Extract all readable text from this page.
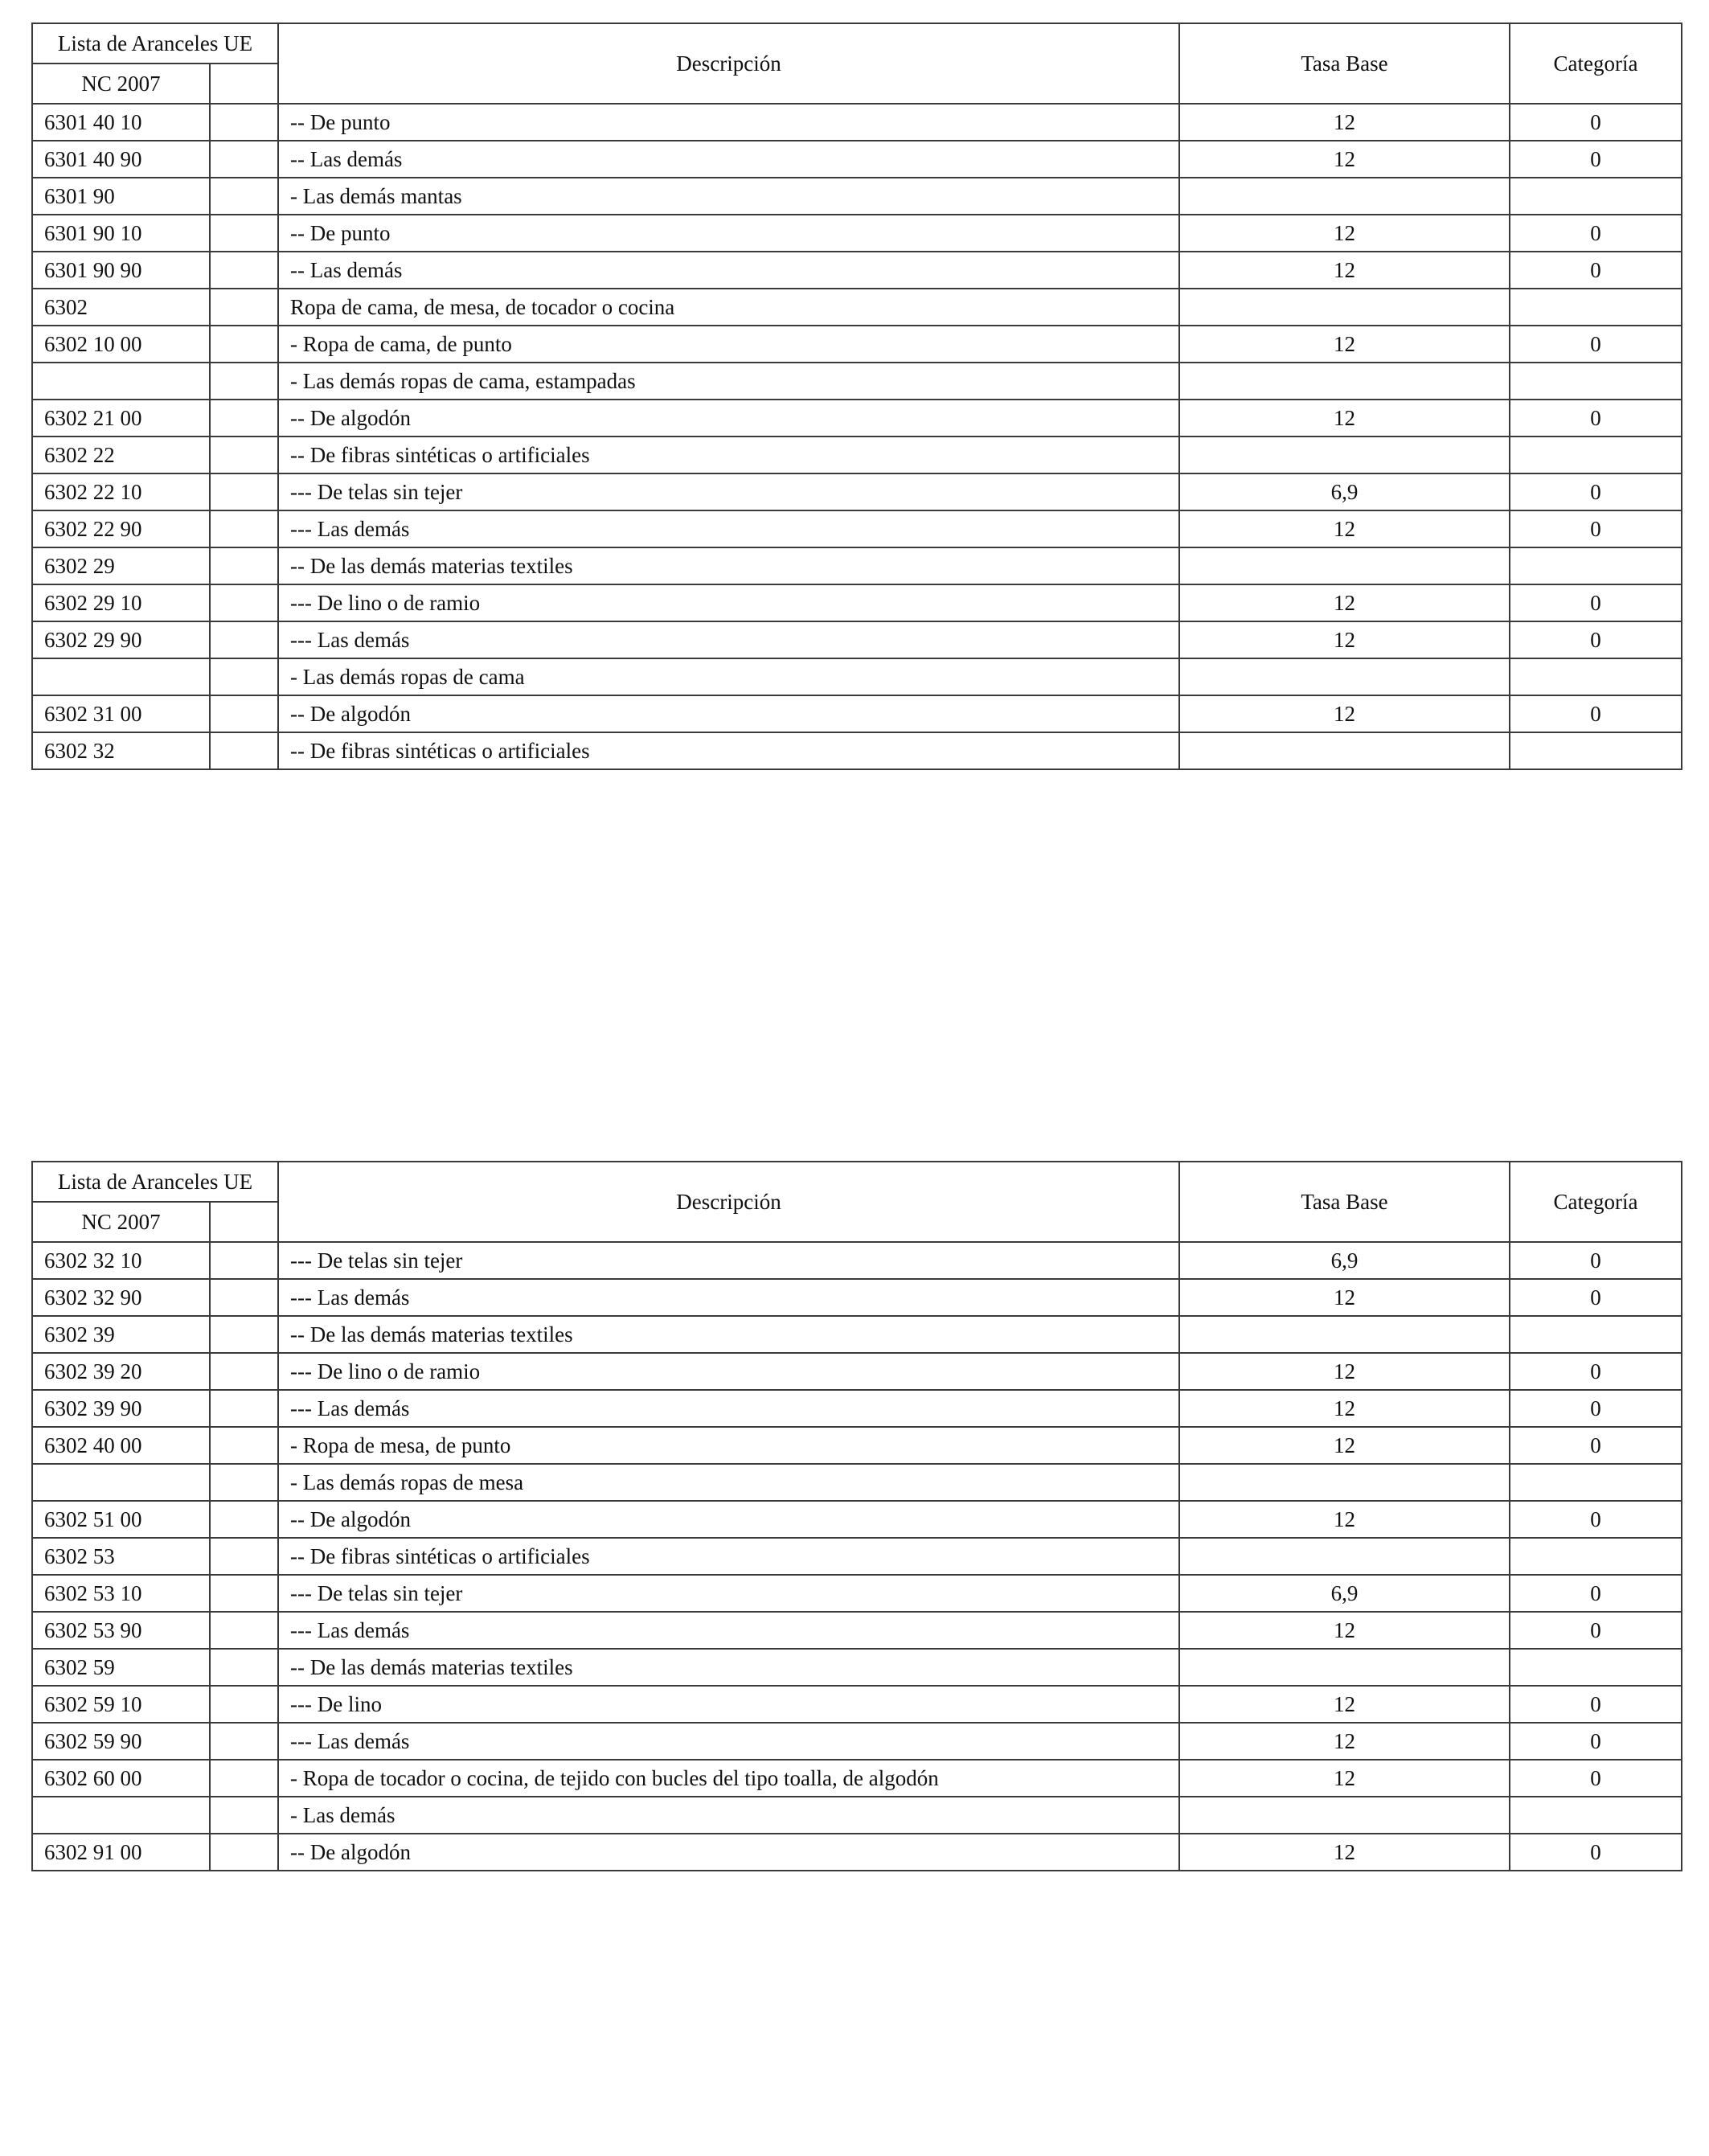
Lista de Aranceles UE		Descripción	Tasa Base	Categoría
NC 2007				
6301 40 10		-- De punto	12	0
6301 40 90		-- Las demás	12	0
6301 90		- Las demás mantas		
6301 90 10		-- De punto	12	0
6301 90 90		-- Las demás	12	0
6302		Ropa de cama, de mesa, de tocador o cocina		
6302 10 00		- Ropa de cama, de punto	12	0
		- Las demás ropas de cama, estampadas		
6302 21 00		-- De algodón	12	0
6302 22		-- De fibras sintéticas o artificiales		
6302 22 10		--- De telas sin tejer	6,9	0
6302 22 90		--- Las demás	12	0
6302 29		-- De las demás materias textiles		
6302 29 10		--- De lino o de ramio	12	0
6302 29 90		--- Las demás	12	0
		- Las demás ropas de cama		
6302 31 00		-- De algodón	12	0
6302 32		-- De fibras sintéticas o artificiales		
Lista de Aranceles UE		Descripción	Tasa Base	Categoría
NC 2007				
6302 32 10		--- De telas sin tejer	6,9	0
6302 32 90		--- Las demás	12	0
6302 39		-- De las demás materias textiles		
6302 39 20		--- De lino o de ramio	12	0
6302 39 90		--- Las demás	12	0
6302 40 00		- Ropa de mesa, de punto	12	0
		- Las demás ropas de mesa		
6302 51 00		-- De algodón	12	0
6302 53		-- De fibras sintéticas o artificiales		
6302 53 10		--- De telas sin tejer	6,9	0
6302 53 90		--- Las demás	12	0
6302 59		-- De las demás materias textiles		
6302 59 10		--- De lino	12	0
6302 59 90		--- Las demás	12	0
6302 60 00		- Ropa de tocador o cocina, de tejido con bucles del tipo toalla, de algodón	12	0
		- Las demás		
6302 91 00		-- De algodón	12	0
